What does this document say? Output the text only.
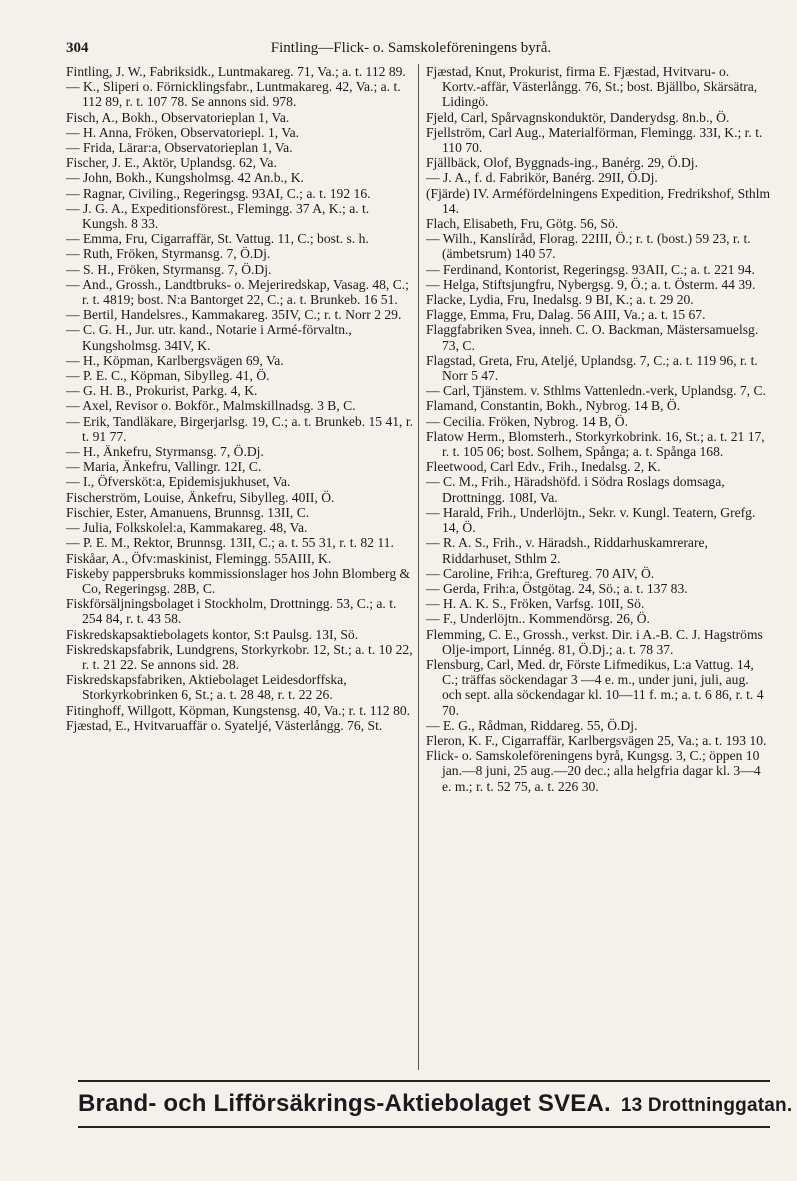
304	Fintling—Flick- o. Samskoleföreningens byrå.

Fintling, J. W., Fabriksidk., Luntmakareg. 71, Va.; a. t. 112 89.

— K., Sliperi o. Förnicklingsfabr., Luntmakareg. 42, Va.; a. t. 112 89, r. t. 107 78. Se annons sid. 978.

Fisch, A., Bokh., Observatorieplan 1, Va.

— H. Anna, Fröken, Observatoriepl. 1, Va.

— Frida, Lärar:a, Observatorieplan 1, Va.

Fischer, J. E., Aktör, Uplandsg. 62, Va.

— John, Bokh., Kungsholmsg. 42 An.b., K.

— Ragnar, Civiling., Regeringsg. 93AI, C.; a. t. 192 16.

— J. G. A., Expeditionsförest., Flemingg. 37 A, K.; a. t. Kungsh. 8 33.

— Emma, Fru, Cigarraffär, St. Vattug. 11, C.; bost. s. h.

— Ruth, Fröken, Styrmansg. 7, Ö.Dj.

— S. H., Fröken, Styrmansg. 7, Ö.Dj.

— And., Grossh., Landtbruks- o. Mejeriredskap, Vasag. 48, C.; r. t. 4819; bost. N:a Bantorget 22, C.; a. t. Brunkeb. 16 51.

— Bertil, Handelsres., Kammakareg. 35IV, C.; r. t. Norr 2 29.

— C. G. H., Jur. utr. kand., Notarie i Armé-förvaltn., Kungsholmsg. 34IV, K.

— H., Köpman, Karlbergsvägen 69, Va.

— P. E. C., Köpman, Sibylleg. 41, Ö.

— G. H. B., Prokurist, Parkg. 4, K.

— Axel, Revisor o. Bokför., Malmskillnadsg. 3 B, C.

— Erik, Tandläkare, Birgerjarlsg. 19, C.; a. t. Brunkeb. 15 41, r. t. 91 77.

— H., Änkefru, Styrmansg. 7, Ö.Dj.

— Maria, Änkefru, Vallingr. 12I, C.

— I., Öfversköt:a, Epidemisjukhuset, Va.

Fischerström, Louise, Änkefru, Sibylleg. 40II, Ö.

Fischier, Ester, Amanuens, Brunnsg. 13II, C.

— Julia, Folkskolel:a, Kammakareg. 48, Va.

— P. E. M., Rektor, Brunnsg. 13II, C.; a. t. 55 31, r. t. 82 11.

Fiskåar, A., Öfv:maskinist, Flemingg. 55AIII, K.

Fiskeby pappersbruks kommissionslager hos John Blomberg & Co, Regeringsg. 28B, C.

Fiskförsäljningsbolaget i Stockholm, Drottningg. 53, C.; a. t. 254 84, r. t. 43 58.

Fiskredskapsaktiebolagets kontor, S:t Paulsg. 13I, Sö.

Fiskredskapsfabrik, Lundgrens, Storkyrkobr. 12, St.; a. t. 10 22, r. t. 21 22. Se annons sid. 28.

Fiskredskapsfabriken, Aktiebolaget Leidesdorffska, Storkyrkobrinken 6, St.; a. t. 28 48, r. t. 22 26.

Fitinghoff, Willgott, Köpman, Kungstensg. 40, Va.; r. t. 112 80.

Fjæstad, E., Hvitvaruaffär o. Syateljé, Västerlångg. 76, St.

Fjæstad, Knut, Prokurist, firma E. Fjæstad, Hvitvaru- o. Kortv.-affär, Västerlångg. 76, St.; bost. Bjällbo, Skärsätra, Lidingö.

Fjeld, Carl, Spårvagnskonduktör, Danderydsg. 8n.b., Ö.

Fjellström, Carl Aug., Materialförman, Flemingg. 33I, K.; r. t. 110 70.

Fjällbäck, Olof, Byggnads-ing., Banérg. 29, Ö.Dj.

— J. A., f. d. Fabrikör, Banérg. 29II, Ö.Dj.

(Fjärde) IV. Arméfördelningens Expedition, Fredrikshof, Sthlm 14.

Flach, Elisabeth, Fru, Götg. 56, Sö.

— Wilh., Kanslíråd, Florag. 22III, Ö.; r. t. (bost.) 59 23, r. t. (ämbetsrum) 140 57.

— Ferdinand, Kontorist, Regeringsg. 93AII, C.; a. t. 221 94.

— Helga, Stiftsjungfru, Nybergsg. 9, Ö.; a. t. Österm. 44 39.

Flacke, Lydia, Fru, Inedalsg. 9 BI, K.; a. t. 29 20.

Flagge, Emma, Fru, Dalag. 56 AIII, Va.; a. t. 15 67.

Flaggfabriken Svea, inneh. C. O. Backman, Mästersamuelsg. 73, C.

Flagstad, Greta, Fru, Ateljé, Uplandsg. 7, C.; a. t. 119 96, r. t. Norr 5 47.

— Carl, Tjänstem. v. Sthlms Vattenledn.-verk, Uplandsg. 7, C.

Flamand, Constantin, Bokh., Nybrog. 14 B, Ö.

— Cecilia. Fröken, Nybrog. 14 B, Ö.

Flatow Herm., Blomsterh., Storkyrkobrink. 16, St.; a. t. 21 17, r. t. 105 06; bost. Solhem, Spånga; a. t. Spånga 168.

Fleetwood, Carl Edv., Frih., Inedalsg. 2, K.

— C. M., Frih., Häradshöfd. i Södra Roslags domsaga, Drottningg. 108I, Va.

— Harald, Frih., Underlöjtn., Sekr. v. Kungl. Teatern, Grefg. 14, Ö.

— R. A. S., Frih., v. Häradsh., Riddarhuskamrerare, Riddarhuset, Sthlm 2.

— Caroline, Frih:a, Greftureg. 70 AIV, Ö.

— Gerda, Frih:a, Östgötag. 24, Sö.; a. t. 137 83.

— H. A. K. S., Fröken, Varfsg. 10II, Sö.

— F., Underlöjtn.. Kommendörsg. 26, Ö.

Flemming, C. E., Grossh., verkst. Dir. i A.-B. C. J. Hagströms Olje-import, Linnég. 81, Ö.Dj.; a. t. 78 37.

Flensburg, Carl, Med. dr, Förste Lifmedikus, L:a Vattug. 14, C.; träffas söckendagar 3 —4 e. m., under juni, juli, aug. och sept. alla söckendagar kl. 10—11 f. m.; a. t. 6 86, r. t. 4 70.

— E. G., Rådman, Riddareg. 55, Ö.Dj.

Fleron, K. F., Cigarraffär, Karlbergsvägen 25, Va.; a. t. 193 10.

Flick- o. Samskoleföreningens byrå, Kungsg. 3, C.; öppen 10 jan.—8 juni, 25 aug.—20 dec.; alla helgfria dagar kl. 3—4 e. m.; r. t. 52 75, a. t. 226 30.

Brand- och Lifförsäkrings-Aktiebolaget SVEA. 13 Drottninggatan.
